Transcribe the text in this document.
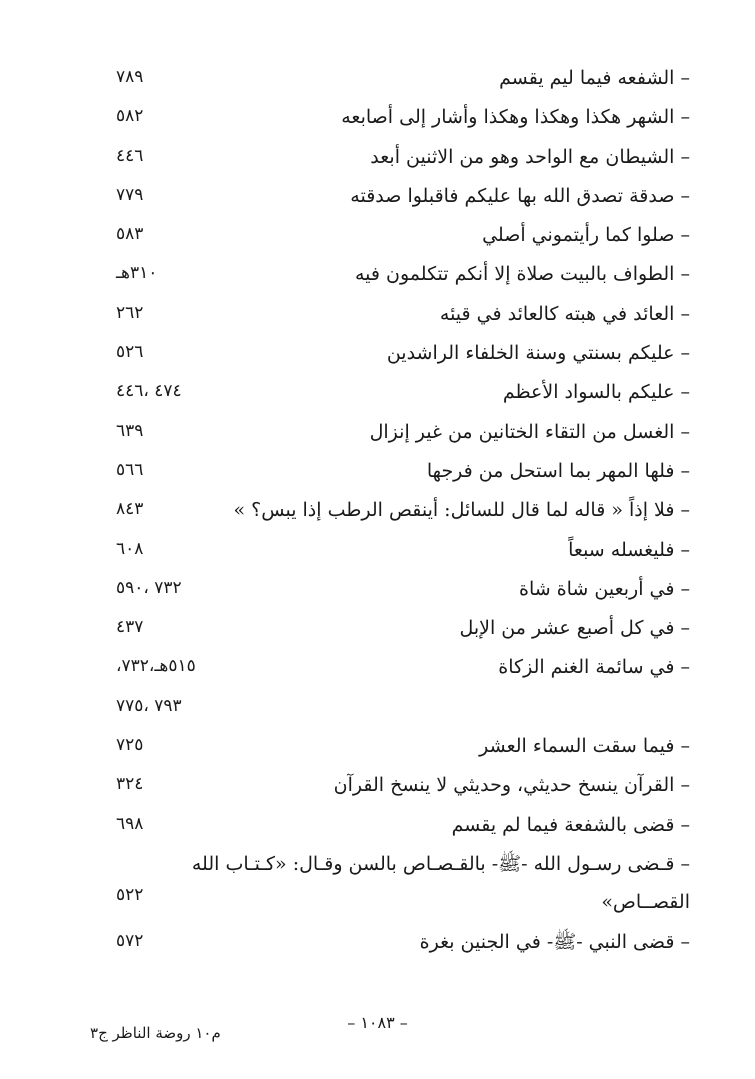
– الشفعه فيما ليم يقسم
٧٨٩
– الشهر هكذا وهكذا وهكذا وأشار إلى أصابعه
٥٨٢
– الشيطان مع الواحد وهو من الاثنين أبعد
٤٤٦
– صدقة تصدق الله بها عليكم فاقبلوا صدقته
٧٧٩
– صلوا كما رأيتموني أصلي
٥٨٣
– الطواف بالبيت صلاة إلا أنكم تتكلمون فيه
٣١٠هـ
– العائد في هبته كالعائد في قيئه
٢٦٢
– عليكم بسنتي وسنة الخلفاء الراشدين
٥٢٦
– عليكم بالسواد الأعظم
٤٧٤ ،٤٤٦
– الغسل من التقاء الختانين من غير إنزال
٦٣٩
– فلها المهر بما استحل من فرجها
٥٦٦
– فلا إذاً « قاله لما قال للسائل: أينقص الرطب إذا يبس؟ »
٨٤٣
– فليغسله سبعاً
٦٠٨
– في أربعين شاة شاة
٧٣٢ ،٥٩٠
– في كل أصبع عشر من الإبل
٤٣٧
– في سائمة الغنم الزكاة
٥١٥هـ،٧٣٢،
٧٩٣ ،٧٧٥
– فيما سقت السماء العشر
٧٢٥
– القرآن ينسخ حديثي، وحديثي لا ينسخ القرآن
٣٢٤
– قضى بالشفعة فيما لم يقسم
٦٩٨
– قـضى رسـول الله -ﷺ- بالقـصـاص بالسن وقـال: «كـتـاب الله
القصــاص»
٥٢٢
– قضى النبي -ﷺ- في الجنين بغرة
٥٧٢
– ١٠٨٣ –
م١٠ روضة الناظر ج٣
